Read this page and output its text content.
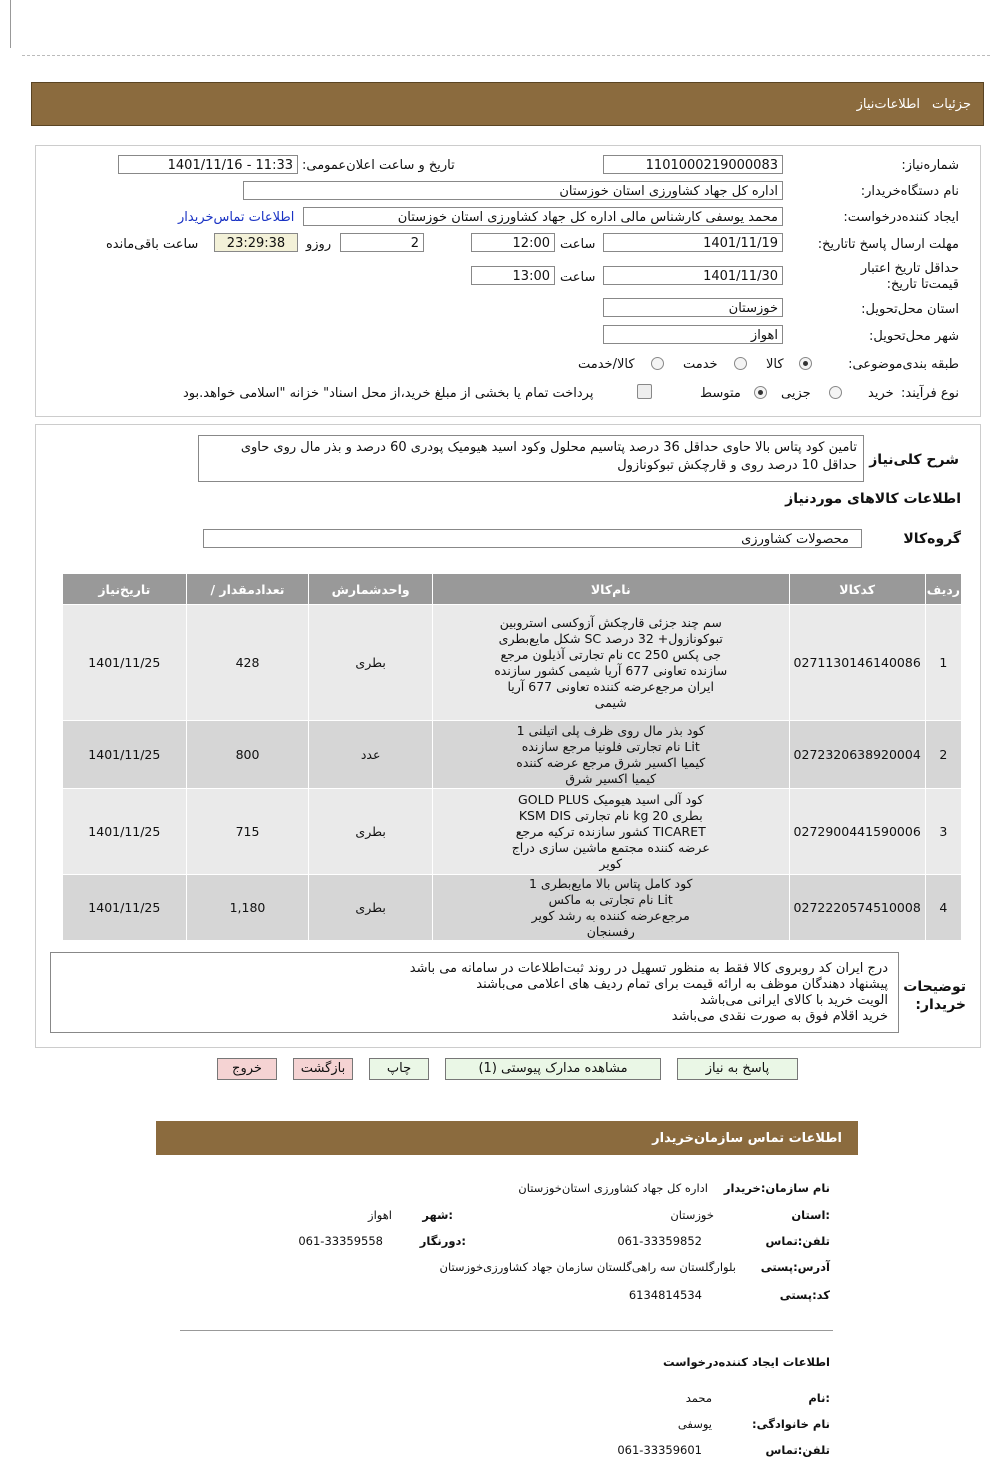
جزئیات
اطلاعات‌نیاز
شماره‌نیاز:
1101000219000083
تاریخ و ساعت اعلان‌عمومی:
1401/11/16 - 11:33
نام دستگاه‌خریدار:
اداره کل جهاد کشاورزی استان خوزستان
ایجاد کننده‌درخواست:
محمد یوسفی کارشناس مالی اداره کل جهاد کشاورزی استان خوزستان
اطلاعات تماس‌خریدار
مهلت ارسال پاسخ تا‌تاریخ:
1401/11/19
ساعت
12:00
2
روزو
23:29:38
ساعت باقی‌مانده
حداقل تاریخ اعتبار قیمت‌تا تاریخ:
1401/11/30
ساعت
13:00
استان محل‌تحویل:
خوزستان
شهر محل‌تحویل:
اهواز
طبقه بندی‌موضوعی:
کالا
خدمت
کالا/خدمت
نوع فرآیند:
خرید
جزیی
متوسط
پرداخت تمام یا بخشی از مبلغ خرید،از محل اسناد" خزانه "اسلامی خواهد.بود
شرح کلی‌نیاز
تامین کود پتاس بالا حاوی حداقل 36 درصد پتاسیم محلول وکود اسید هیومیک پودری 60 درصد و بذر مال روی حاوی حداقل 10 درصد روی و قارچکش تبوکونازول
اطلاعات کالاهای موردنیاز
گروه‌کالا
محصولات کشاورزی
ردیف	کدکالا	نام‌کالا	واحدشمارش	تعدادمقدار /	تاریخ‌نیاز
1	0271130146140086	سم چند جزئی قارچکش آزوکسی استروبین تبوکونازول+ 32 درصد SC شکل مایع‌بطری جی پکس cc 250 نام تجارتی آذیلون مرجع سازنده تعاونی 677 آریا شیمی کشور سازنده ایران مرجع‌عرضه کننده تعاونی 677 آریا شیمی	بطری	428	1401/11/25
2	0272320638920004	کود بذر مال روی ظرف پلی اتیلنی 1 Lit نام تجارتی فلونیا مرجع سازنده کیمیا اکسیر شرق مرجع عرضه کننده کیمیا اکسیر شرق	عدد	800	1401/11/25
3	0272900441590006	کود آلی اسید هیومیک GOLD PLUS بطری 20 kg نام تجارتی KSM DIS TICARET کشور سازنده ترکیه مرجع عرضه کننده مجتمع ماشین سازی دراج کویر	بطری	715	1401/11/25
4	0272220574510008	کود کامل پتاس بالا مایع‌بطری 1 Lit نام تجارتی به ماکس مرجع‌عرضه کننده به رشد کویر رفسنجان	بطری	1,180	1401/11/25
توضیحات خریدار:
درج ایران کد روبروی کالا فقط به منظور تسهیل در روند ثبت‌اطلاعات در سامانه می باشد
پیشنهاد دهندگان موظف به ارائه قیمت برای تمام ردیف های اعلامی می‌باشند
الویت خرید با کالای ایرانی می‌باشد
خرید اقلام فوق به صورت نقدی می‌باشد
پاسخ به نیاز
مشاهده مدارک پیوستی (1)
چاپ
بازگشت
خروج
اطلاعات تماس سازمان‌خریدار
نام سازمان‌:خریدار
اداره کل جهاد کشاورزی استان‌خوزستان
:استان
خوزستان
:شهر
اهواز
تلفن‌:تماس
061-33359852
:دورنگار
061-33359558
آدرس‌:پستی
بلوار‌گلستان سه راهی‌گلستان سازمان جهاد کشاورزی‌خوزستان
کد‌:پستی
6134814534
اطلاعات ایجاد کننده‌درخواست
:نام
محمد
نام خانوادگی:
یوسفی
تلفن‌:تماس
061-33359601
